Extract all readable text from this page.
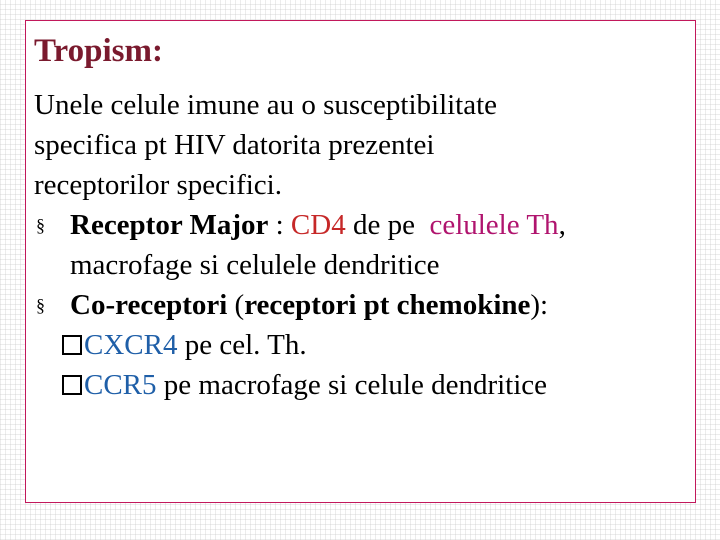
Tropism:
Unele celule imune au o susceptibilitate
specifica pt HIV datorita prezentei
receptorilor specifici.
§ Receptor Major : CD4 de pe  celulele Th,
macrofage si celulele dendritice
§ Co-receptori (receptori pt chemokine):
CXCR4 pe cel. Th.
CCR5 pe macrofage si celule dendritice
